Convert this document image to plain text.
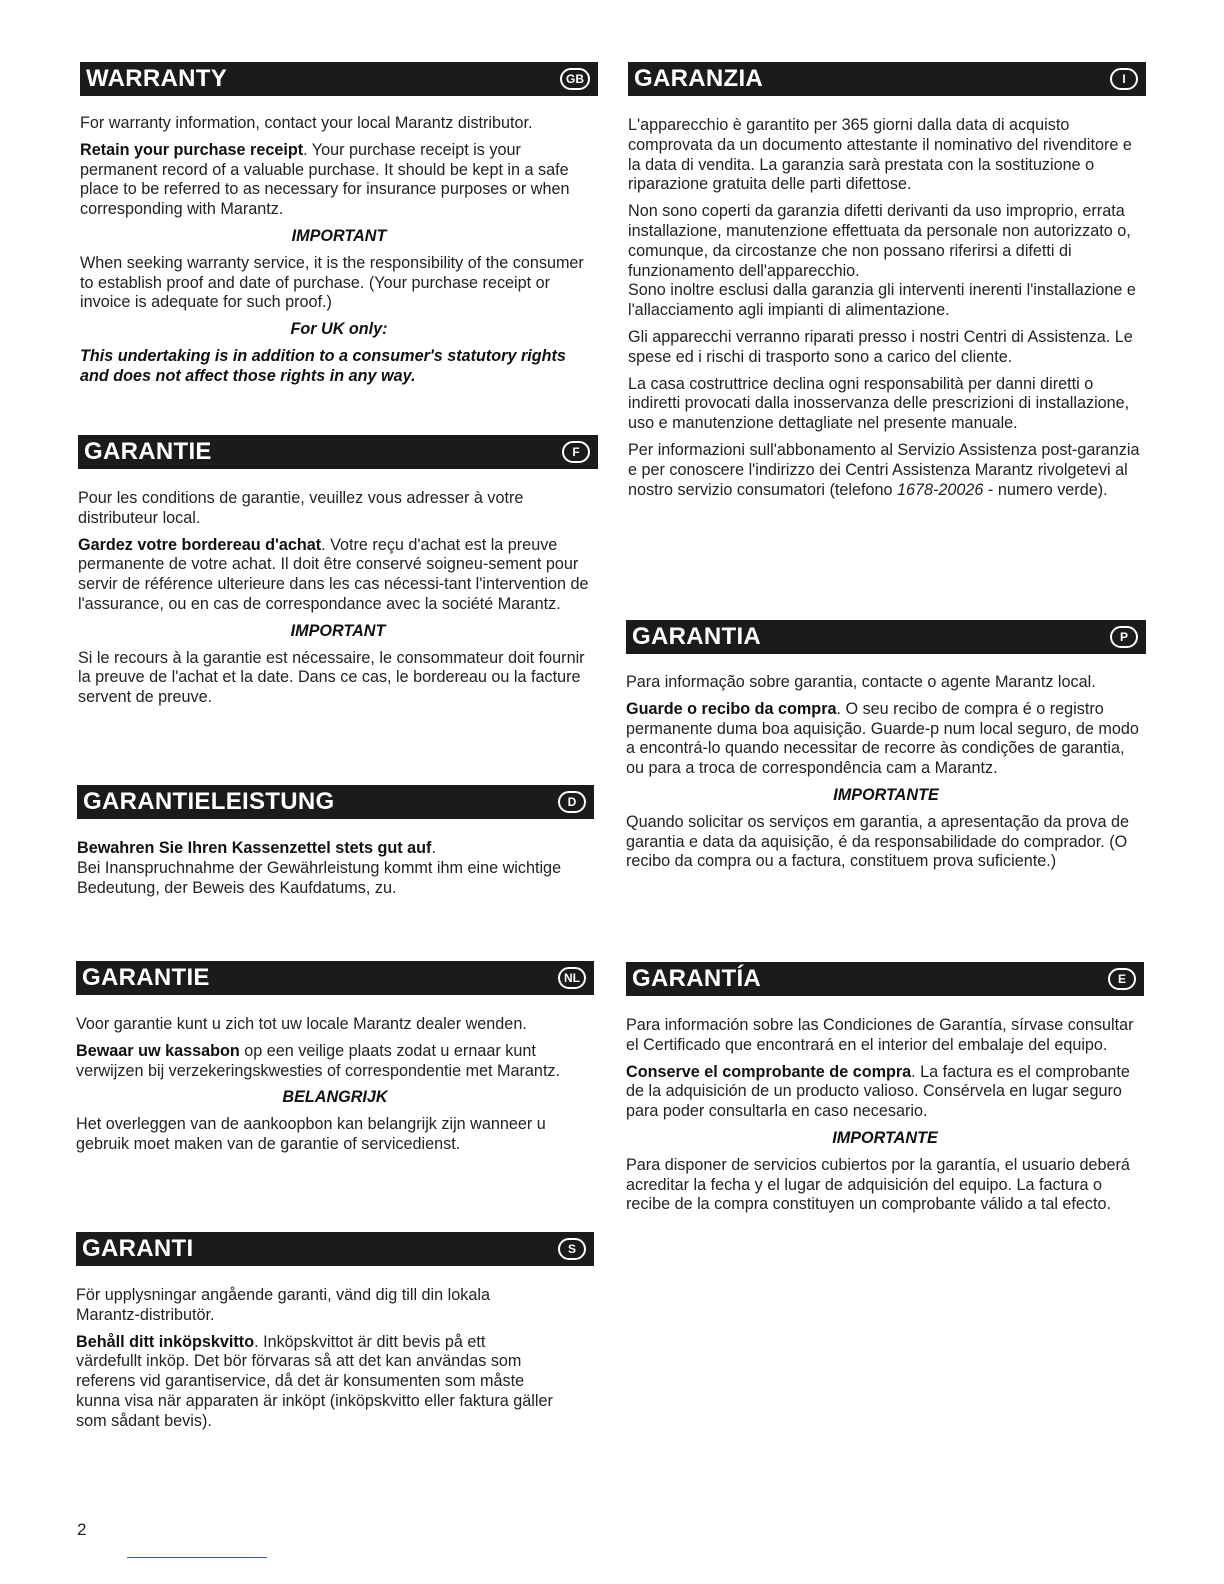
WARRANTY	GB

For warranty information, contact your local Marantz distributor.

Retain your purchase receipt. Your purchase receipt is your permanent record of a valuable purchase. It should be kept in a safe place to be referred to as necessary for insurance purposes or when corresponding with Marantz.

IMPORTANT

When seeking warranty service, it is the responsibility of the consumer to establish proof and date of purchase. (Your purchase receipt or invoice is adequate for such proof.)

For UK only:

This undertaking is in addition to a consumer's statutory rights and does not affect those rights in any way.

GARANTIE	F

Pour les conditions de garantie, veuillez vous adresser à votre distributeur local.

Gardez votre bordereau d'achat. Votre reçu d'achat est la preuve permanente de votre achat. Il doit être conservé soigneu-sement pour servir de référence ulterieure dans les cas nécessi-tant l'intervention de l'assurance, ou en cas de correspondance avec la société Marantz.

IMPORTANT

Si le recours à la garantie est nécessaire, le consommateur doit fournir la preuve de l'achat et la date. Dans ce cas, le bordereau ou la facture servent de preuve.

GARANTIELEISTUNG	D

Bewahren Sie Ihren Kassenzettel stets gut auf.

Bei Inanspruchnahme der Gewährleistung kommt ihm eine wichtige Bedeutung, der Beweis des Kaufdatums, zu.

GARANTIE	NL

Voor garantie kunt u zich tot uw locale Marantz dealer wenden.

Bewaar uw kassabon op een veilige plaats zodat u ernaar kunt verwijzen bij verzekeringskwesties of correspondentie met Marantz.

BELANGRIJK

Het overleggen van de aankoopbon kan belangrijk zijn wanneer u gebruik moet maken van de garantie of servicedienst.

GARANTI	S

För upplysningar angående garanti, vänd dig till din lokala Marantz-distributör.

Behåll ditt inköpskvitto. Inköpskvittot är ditt bevis på ett värdefullt inköp. Det bör förvaras så att det kan användas som referens vid garantiservice, då det är konsumenten som måste kunna visa när apparaten är inköpt (inköpskvitto eller faktura gäller som sådant bevis).

GARANZIA	I

L'apparecchio è garantito per 365 giorni dalla data di acquisto comprovata da un documento attestante il nominativo del rivenditore e la data di vendita. La garanzia sarà prestata con la sostituzione o riparazione gratuita delle parti difettose.

Non sono coperti da garanzia difetti derivanti da uso improprio, errata installazione, manutenzione effettuata da personale non autorizzato o, comunque, da circostanze che non possano riferirsi a difetti di funzionamento dell'apparecchio.

Sono inoltre esclusi dalla garanzia gli interventi inerenti l'installazione e l'allacciamento agli impianti di alimentazione.

Gli apparecchi verranno riparati presso i nostri Centri di Assistenza. Le spese ed i rischi di trasporto sono a carico del cliente.

La casa costruttrice declina ogni responsabilità per danni diretti o indiretti provocati dalla inosservanza delle prescrizioni di installazione, uso e manutenzione dettagliate nel presente manuale.

Per informazioni sull'abbonamento al Servizio Assistenza post-garanzia e per conoscere l'indirizzo dei Centri Assistenza Marantz rivolgetevi al nostro servizio consumatori (telefono 1678-20026 - numero verde).

GARANTIA	P

Para informação sobre garantia, contacte o agente Marantz local.

Guarde o recibo da compra. O seu recibo de compra é o registro permanente duma boa aquisição. Guarde-p num local seguro, de modo a encontrá-lo quando necessitar de recorre às condições de garantia, ou para a troca de correspondência cam a Marantz.

IMPORTANTE

Quando solicitar os serviços em garantia, a apresentação da prova de garantia e data da aquisição, é da responsabilidade do comprador. (O recibo da compra ou a factura, constituem prova suficiente.)

GARANTÍA	E

Para información sobre las Condiciones de Garantía, sírvase consultar el Certificado que encontrará en el interior del embalaje del equipo.

Conserve el comprobante de compra. La factura es el comprobante de la adquisición de un producto valioso. Consérvela en lugar seguro para poder consultarla en caso necesario.

IMPORTANTE

Para disponer de servicios cubiertos por la garantía, el usuario deberá acreditar la fecha y el lugar de adquisición del equipo. La factura o recibe de la compra constituyen un comprobante válido a tal efecto.

2
